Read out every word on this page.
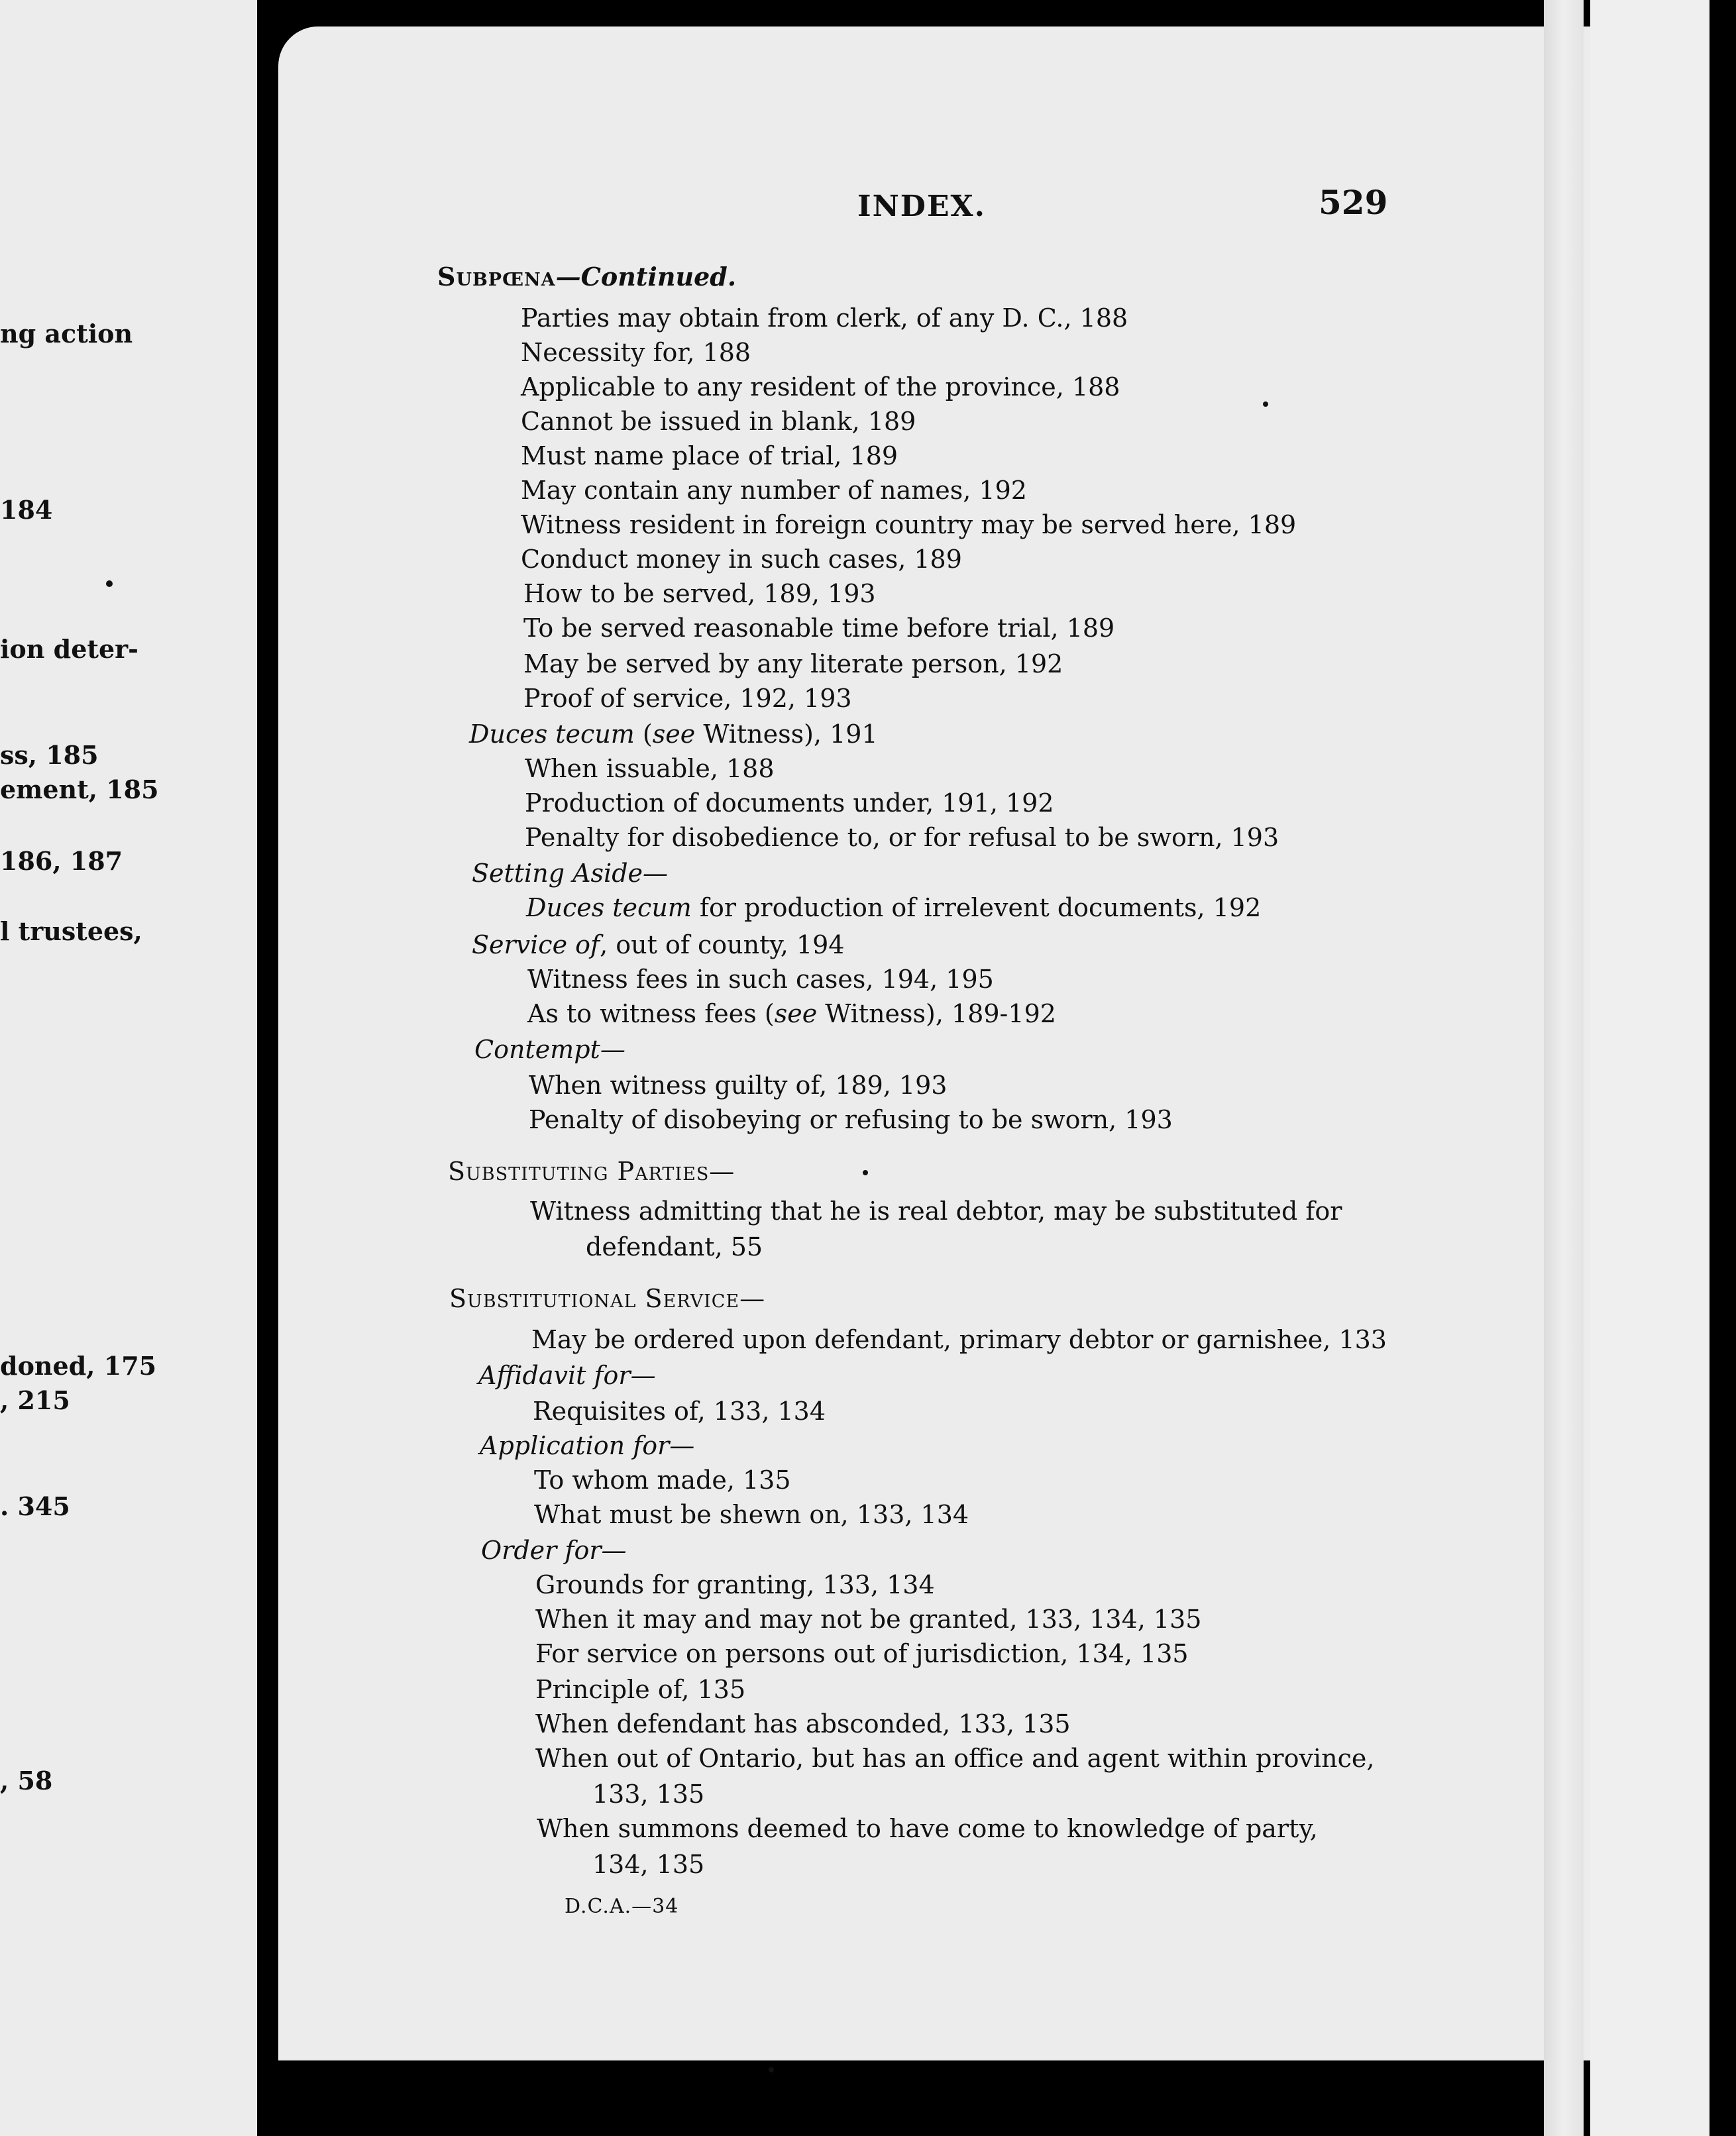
ng action
184
ion deter-
ss, 185
ement, 185
186, 187
l trustees,
doned, 175
, 215
. 345
, 58
INDEX.	529
Subpœna—Continued.
Parties may obtain from clerk, of any D. C., 188
Necessity for, 188
Applicable to any resident of the province, 188
Cannot be issued in blank, 189
Must name place of trial, 189
May contain any number of names, 192
Witness resident in foreign country may be served here, 189
Conduct money in such cases, 189
How to be served, 189, 193
To be served reasonable time before trial, 189
May be served by any literate person, 192
Proof of service, 192, 193
Duces tecum (see Witness), 191
When issuable, 188
Production of documents under, 191, 192
Penalty for disobedience to, or for refusal to be sworn, 193
Setting Aside—
Duces tecum for production of irrelevent documents, 192
Service of, out of county, 194
Witness fees in such cases, 194, 195
As to witness fees (see Witness), 189-192
Contempt—
When witness guilty of, 189, 193
Penalty of disobeying or refusing to be sworn, 193
Substituting Parties—
Witness admitting that he is real debtor, may be substituted for
defendant, 55
Substitutional Service—
May be ordered upon defendant, primary debtor or garnishee, 133
Affidavit for—
Requisites of, 133, 134
Application for—
To whom made, 135
What must be shewn on, 133, 134
Order for—
Grounds for granting, 133, 134
When it may and may not be granted, 133, 134, 135
For service on persons out of jurisdiction, 134, 135
Principle of, 135
When defendant has absconded, 133, 135
When out of Ontario, but has an office and agent within province,
133, 135
When summons deemed to have come to knowledge of party,
134, 135
D.C.A.—34
